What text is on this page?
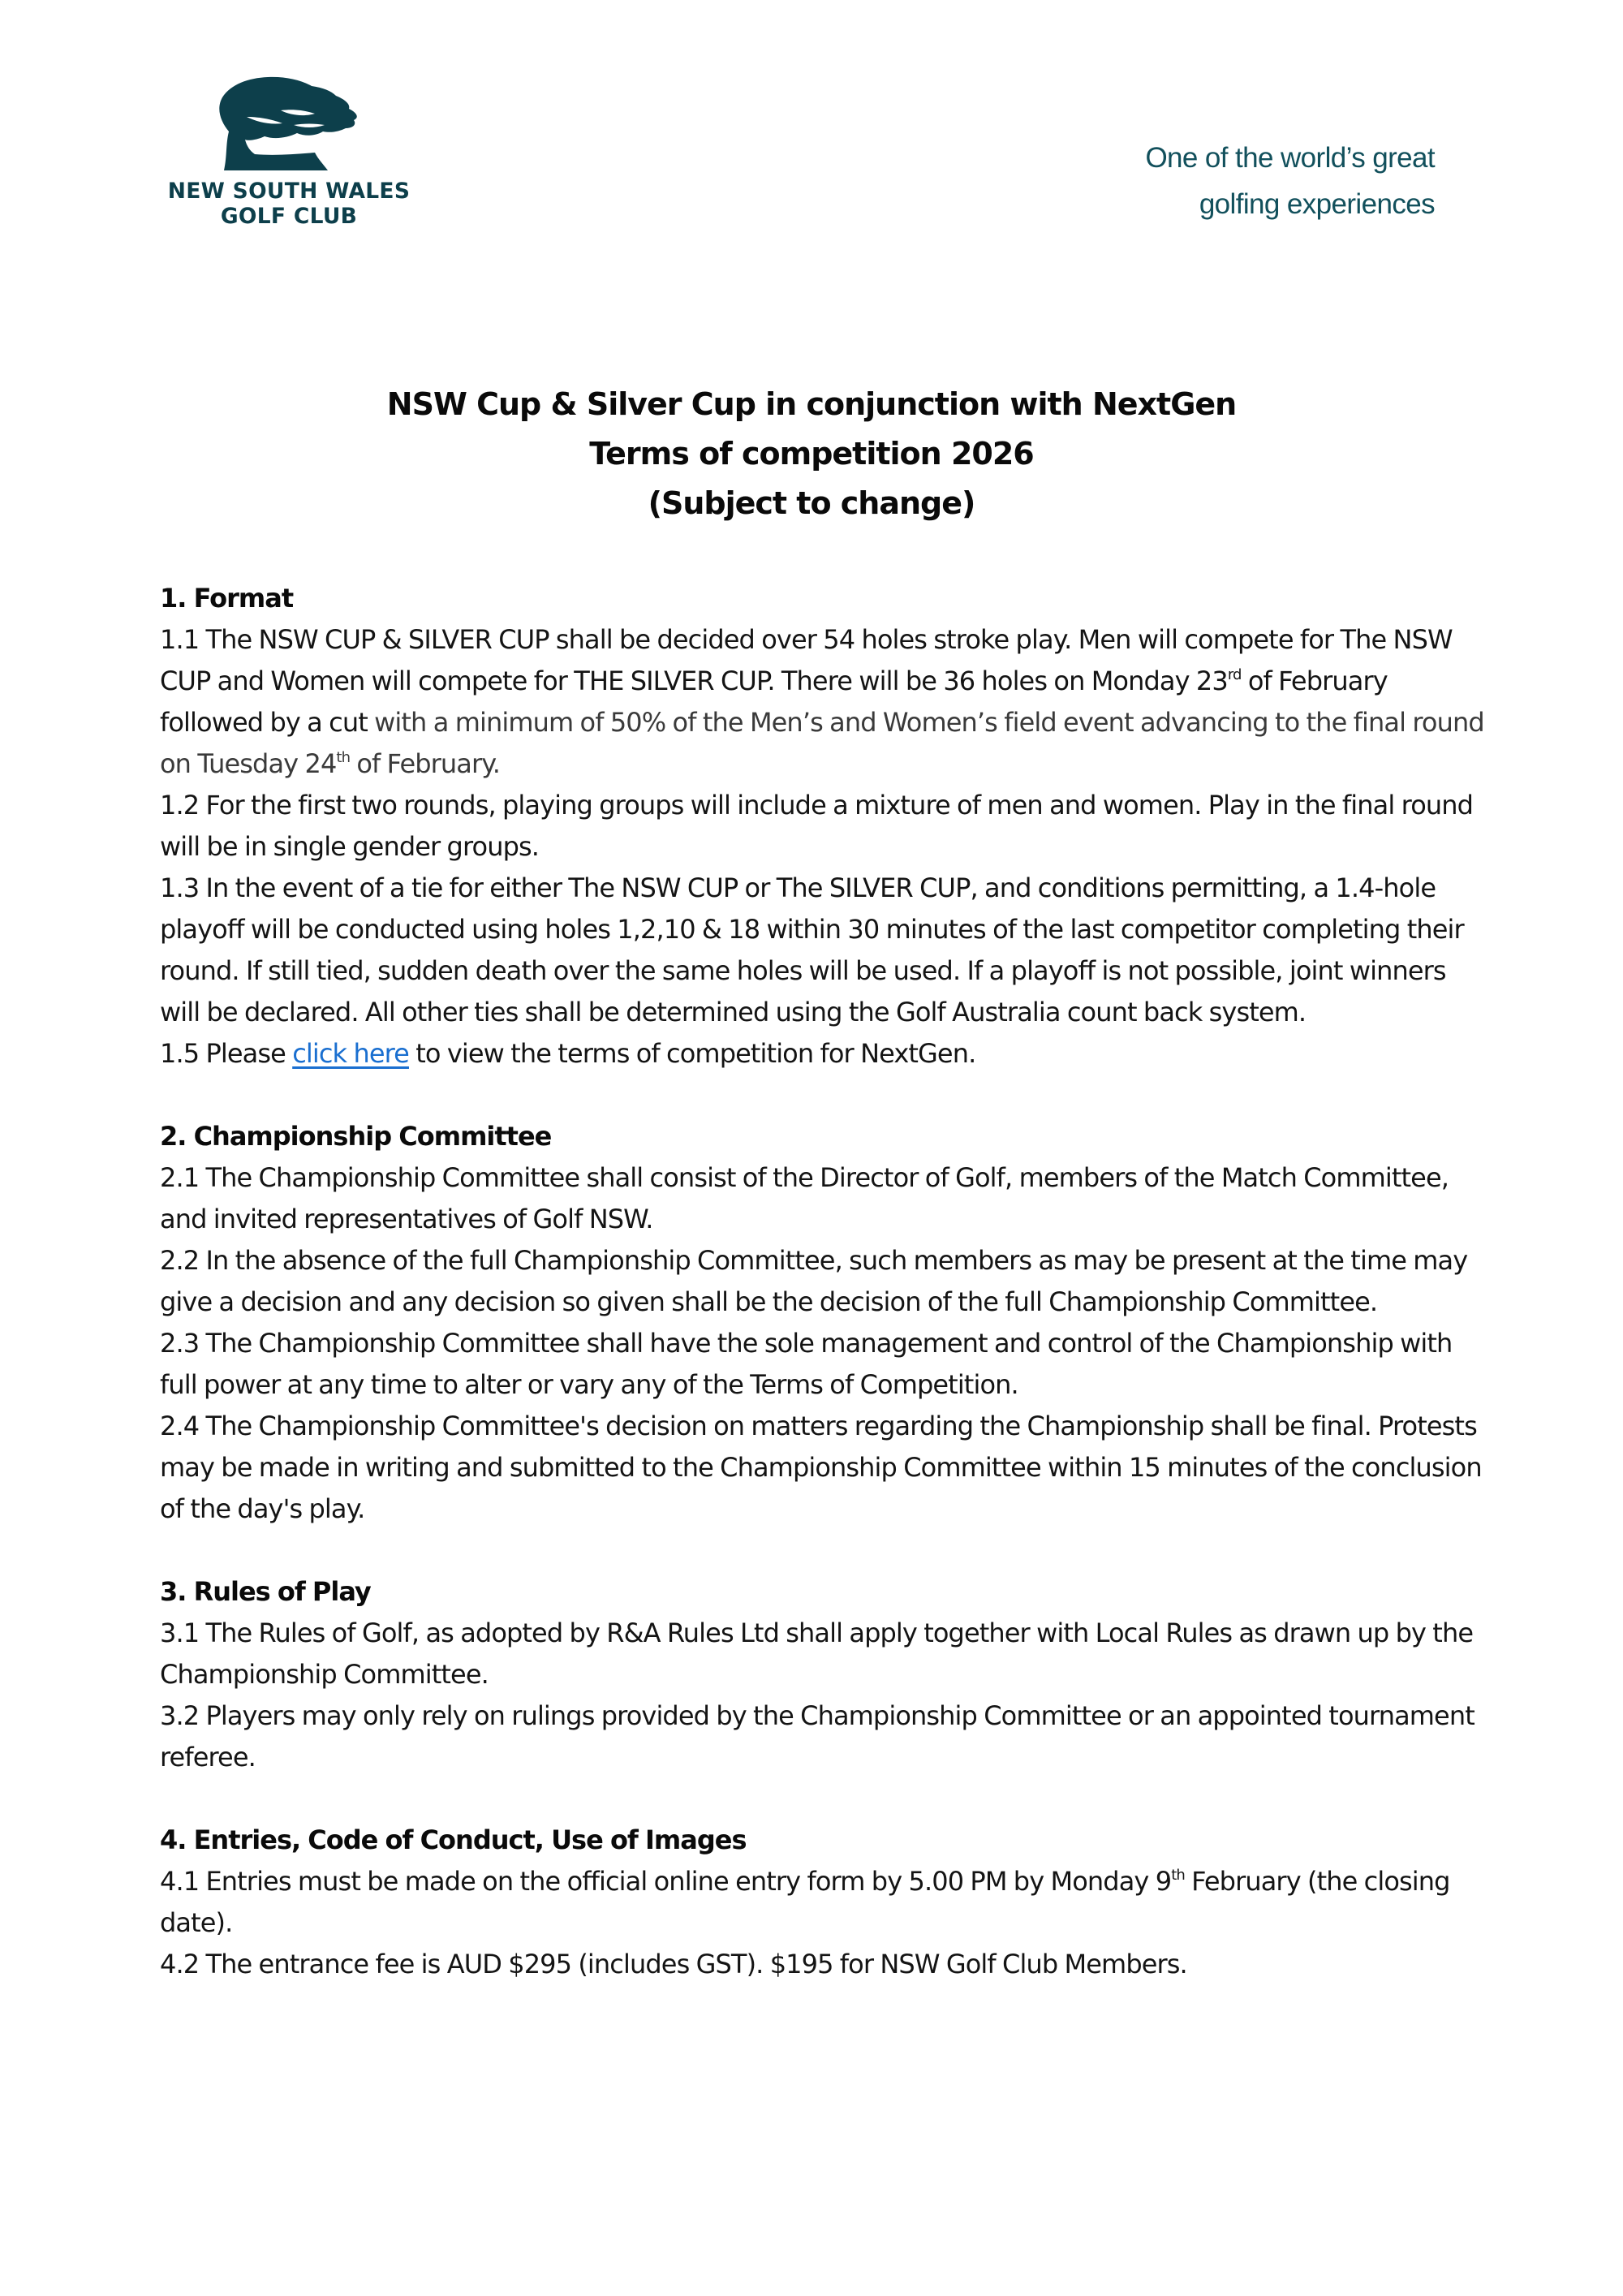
NEW SOUTH WALES
GOLF CLUB
One of the world’s great
golfing experiences
NSW Cup & Silver Cup in conjunction with NextGen
Terms of competition 2026
(Subject to change)
1. Format

1.1 The NSW CUP & SILVER CUP shall be decided over 54 holes stroke play. Men will compete for The NSW CUP and Women will compete for THE SILVER CUP. There will be 36 holes on Monday 23rd of February followed by a cut with a minimum of 50% of the Men’s and Women’s field event advancing to the final round on Tuesday 24th of February.

1.2 For the first two rounds, playing groups will include a mixture of men and women. Play in the final round will be in single gender groups.

1.3 In the event of a tie for either The NSW CUP or The SILVER CUP, and conditions permitting, a 1.4-hole playoff will be conducted using holes 1,2,10 & 18 within 30 minutes of the last competitor completing their round. If still tied, sudden death over the same holes will be used. If a playoff is not possible, joint winners will be declared. All other ties shall be determined using the Golf Australia count back system.

1.5 Please click here to view the terms of competition for NextGen.

2. Championship Committee

2.1 The Championship Committee shall consist of the Director of Golf, members of the Match Committee, and invited representatives of Golf NSW.

2.2 In the absence of the full Championship Committee, such members as may be present at the time may give a decision and any decision so given shall be the decision of the full Championship Committee.

2.3 The Championship Committee shall have the sole management and control of the Championship with full power at any time to alter or vary any of the Terms of Competition.

2.4 The Championship Committee's decision on matters regarding the Championship shall be final. Protests may be made in writing and submitted to the Championship Committee within 15 minutes of the conclusion of the day's play.

3. Rules of Play

3.1 The Rules of Golf, as adopted by R&A Rules Ltd shall apply together with Local Rules as drawn up by the Championship Committee.

3.2 Players may only rely on rulings provided by the Championship Committee or an appointed tournament referee.

4. Entries, Code of Conduct, Use of Images

4.1 Entries must be made on the official online entry form by 5.00 PM by Monday 9th February (the closing date).

4.2 The entrance fee is AUD $295 (includes GST). $195 for NSW Golf Club Members.
